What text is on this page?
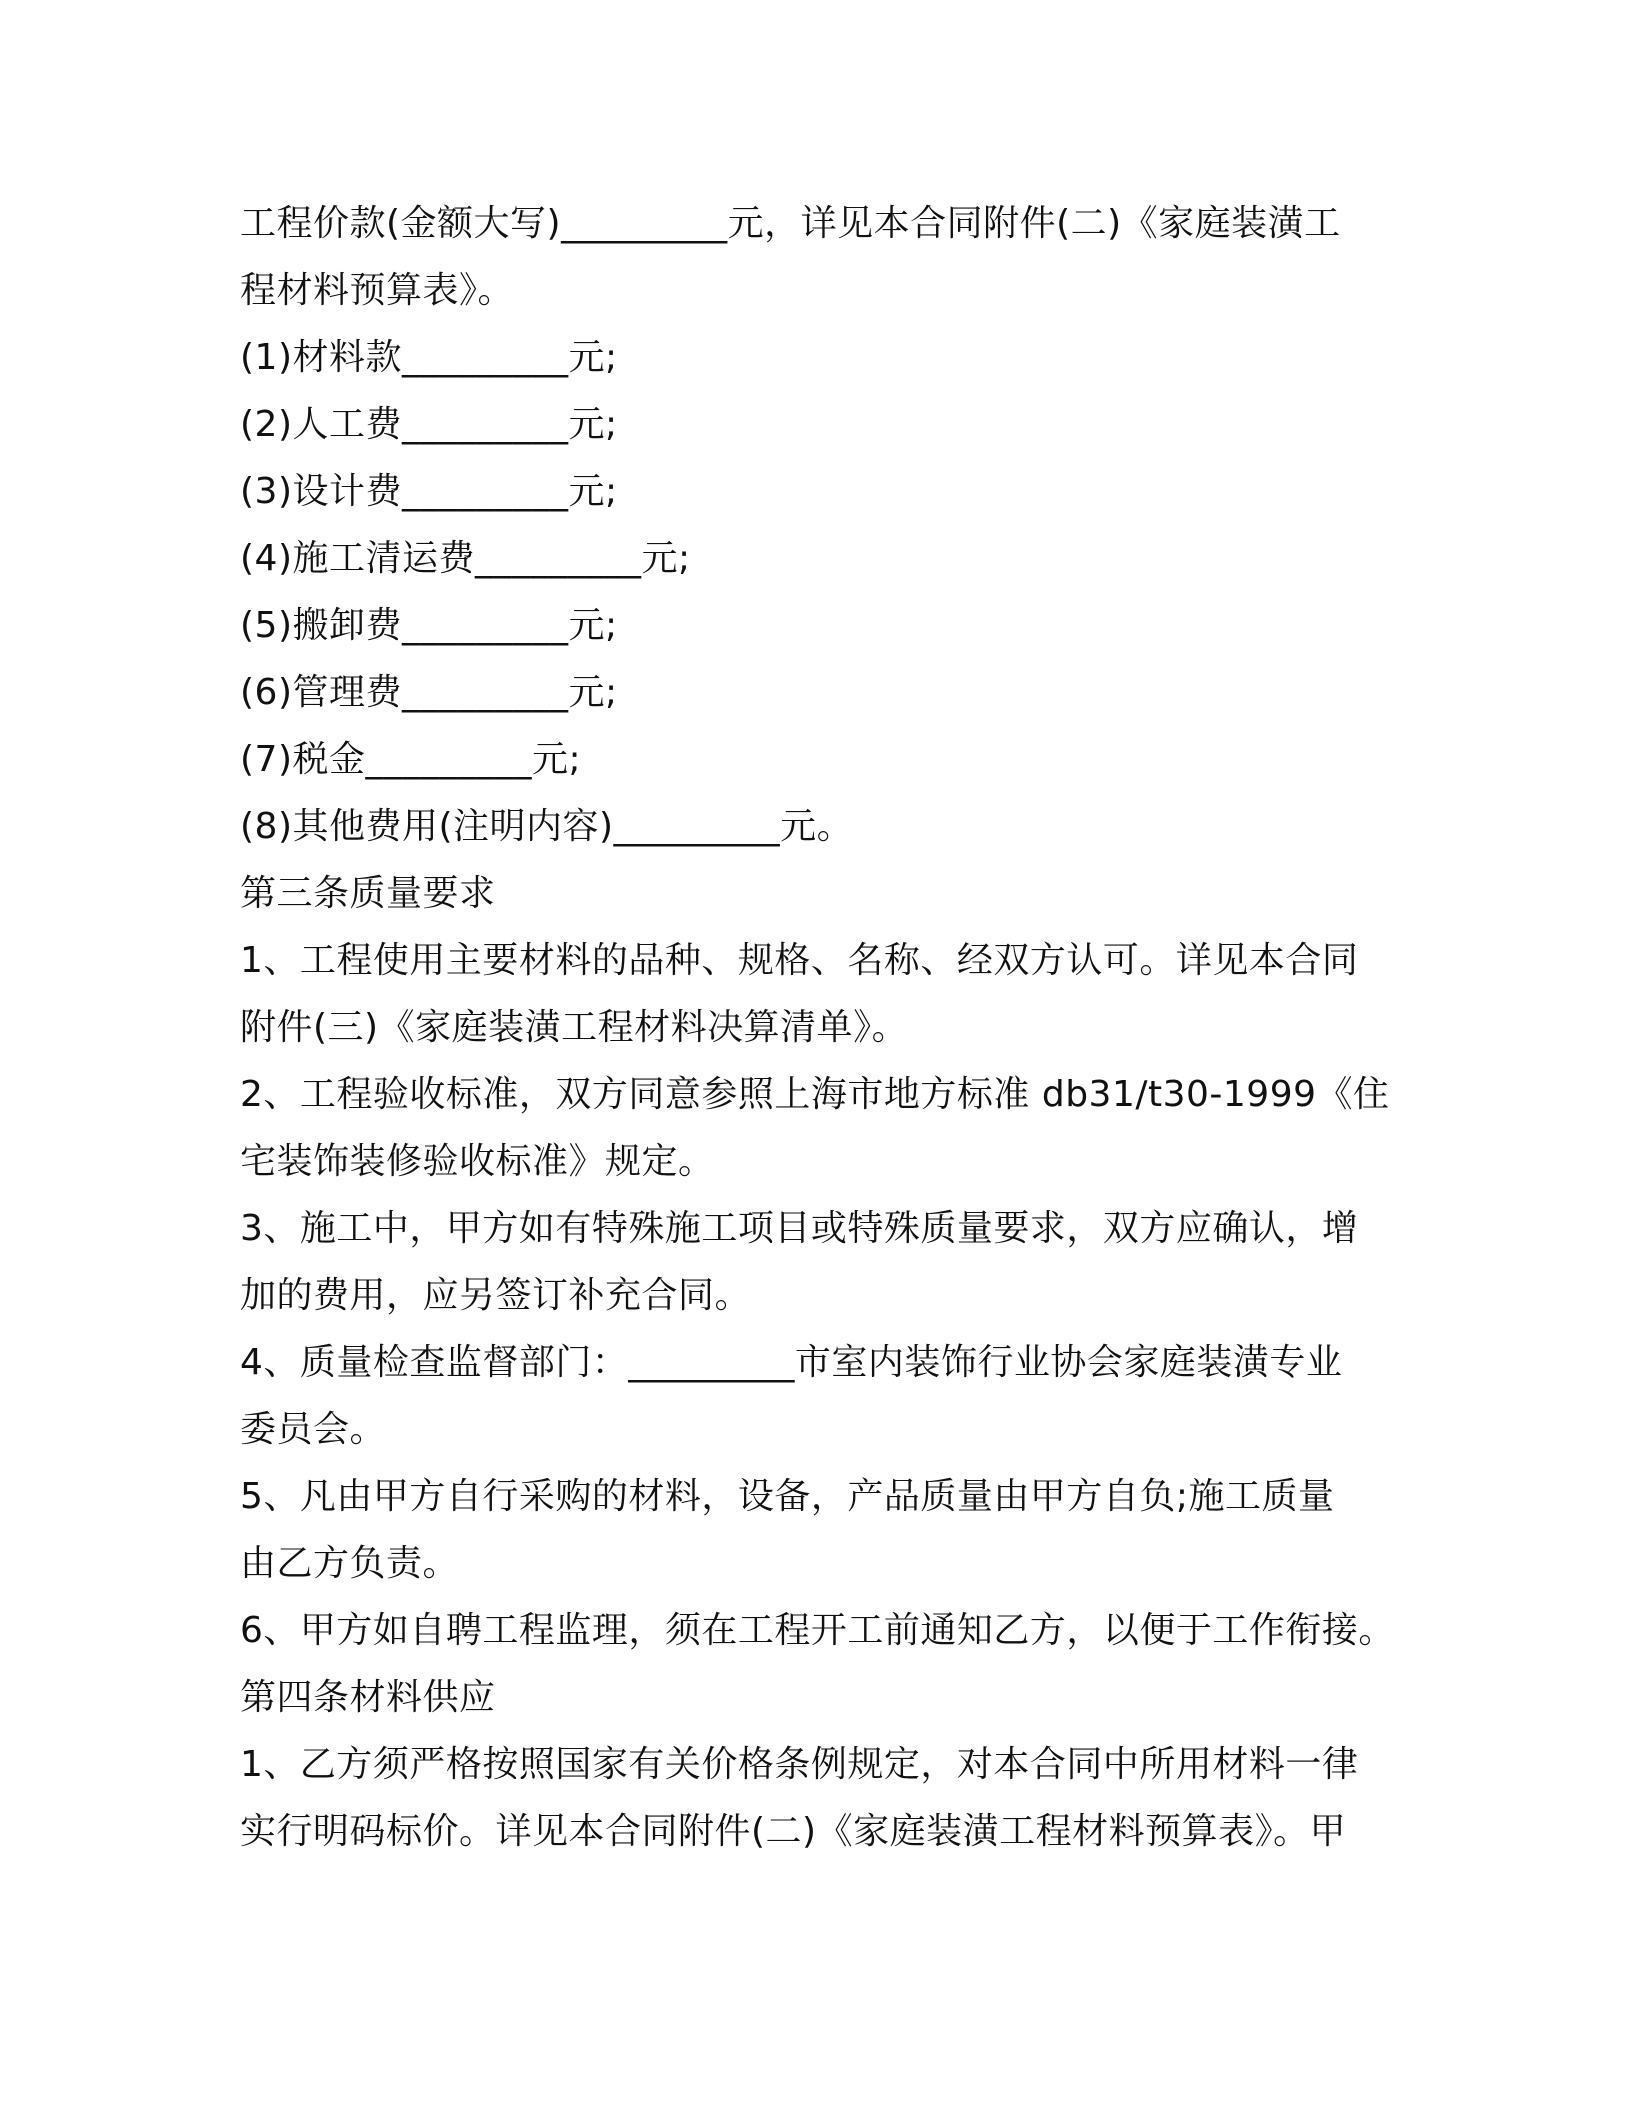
工程价款(金额大写)_________元，详见本合同附件(二)《家庭装潢工
程材料预算表》。
(1)材料款_________元;
(2)人工费_________元;
(3)设计费_________元;
(4)施工清运费_________元;
(5)搬卸费_________元;
(6)管理费_________元;
(7)税金_________元;
(8)其他费用(注明内容)_________元。
第三条质量要求
1、工程使用主要材料的品种、规格、名称、经双方认可。详见本合同
附件(三)《家庭装潢工程材料决算清单》。
2、工程验收标准，双方同意参照上海市地方标准 db31/t30-1999《住
宅装饰装修验收标准》规定。
3、施工中，甲方如有特殊施工项目或特殊质量要求，双方应确认，增
加的费用，应另签订补充合同。
4、质量检查监督部门：_________市室内装饰行业协会家庭装潢专业
委员会。
5、凡由甲方自行采购的材料，设备，产品质量由甲方自负;施工质量
由乙方负责。
6、甲方如自聘工程监理，须在工程开工前通知乙方，以便于工作衔接。
第四条材料供应
1、乙方须严格按照国家有关价格条例规定，对本合同中所用材料一律
实行明码标价。详见本合同附件(二)《家庭装潢工程材料预算表》。甲
